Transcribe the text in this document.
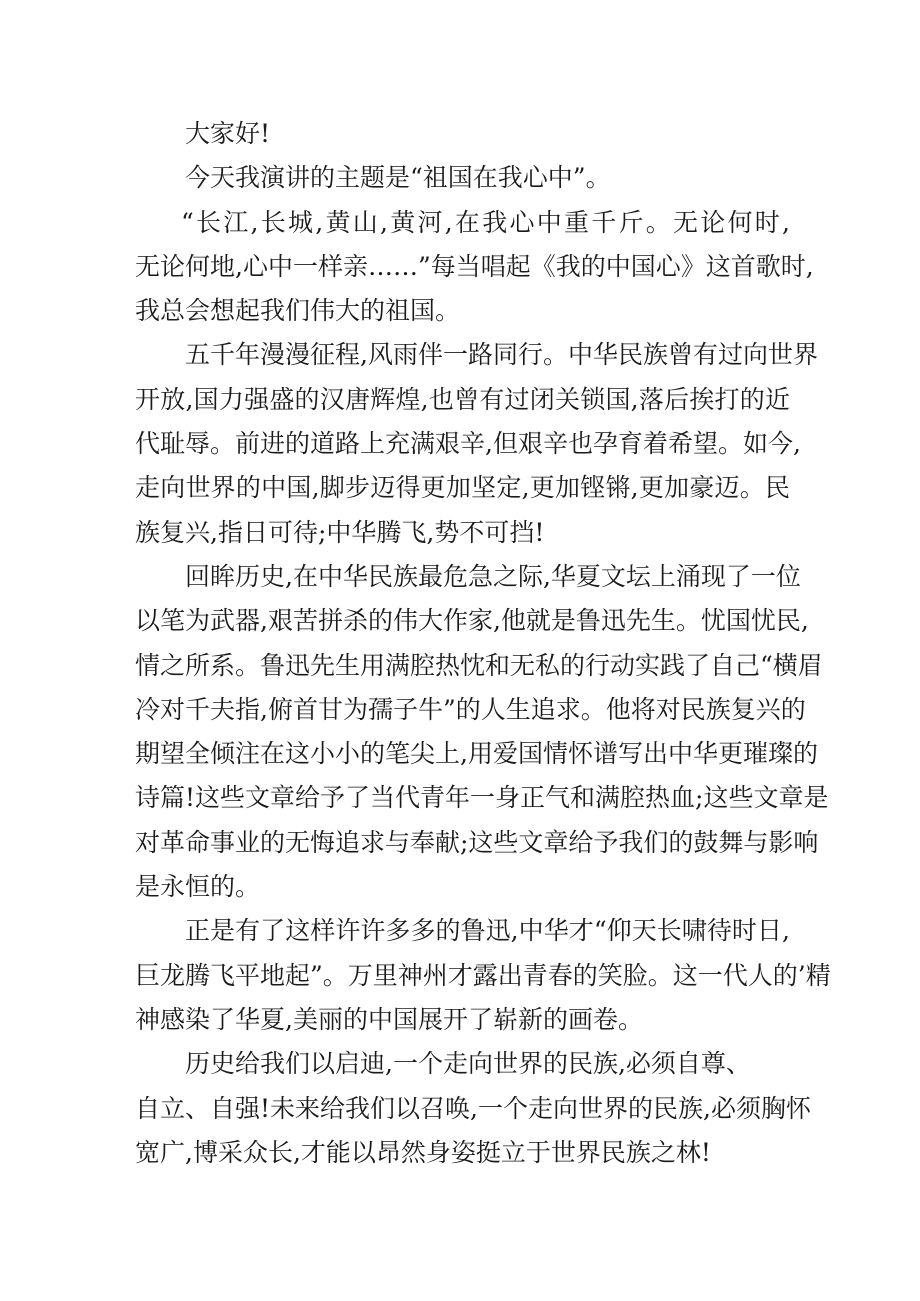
大家好!
今天我演讲的主题是“祖国在我心中”。
“长江,长城,黄山,黄河,在我心中重千斤。无论何时,
无论何地,心中一样亲……”每当唱起《我的中国心》这首歌时,
我总会想起我们伟大的祖国。
五千年漫漫征程,风雨伴一路同行。中华民族曾有过向世界
开放,国力强盛的汉唐辉煌,也曾有过闭关锁国,落后挨打的近
代耻辱。前进的道路上充满艰辛,但艰辛也孕育着希望。如今,
走向世界的中国,脚步迈得更加坚定,更加铿锵,更加豪迈。民
族复兴,指日可待;中华腾飞,势不可挡!
回眸历史,在中华民族最危急之际,华夏文坛上涌现了一位
以笔为武器,艰苦拼杀的伟大作家,他就是鲁迅先生。忧国忧民,
情之所系。鲁迅先生用满腔热忱和无私的行动实践了自己“横眉
冷对千夫指,俯首甘为孺子牛”的人生追求。他将对民族复兴的
期望全倾注在这小小的笔尖上,用爱国情怀谱写出中华更璀璨的
诗篇!这些文章给予了当代青年一身正气和满腔热血;这些文章是
对革命事业的无悔追求与奉献;这些文章给予我们的鼓舞与影响
是永恒的。
正是有了这样许许多多的鲁迅,中华才“仰天长啸待时日,
巨龙腾飞平地起”。万里神州才露出青春的笑脸。这一代人的’精
神感染了华夏,美丽的中国展开了崭新的画卷。
历史给我们以启迪,一个走向世界的民族,必须自尊、
自立、自强!未来给我们以召唤,一个走向世界的民族,必须胸怀
宽广,博采众长,才能以昂然身姿挺立于世界民族之林!
